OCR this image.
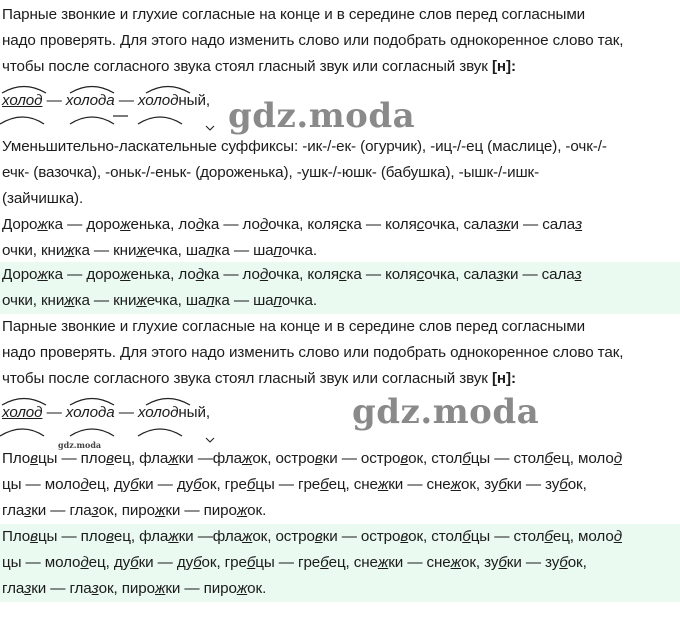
Парные звонкие и глухие согласные на конце и в середине слов перед согласными
надо проверять. Для этого надо изменить слово или подобрать однокоренное слово так,
чтобы после согласного звука стоял гласный звук или согласный звук [н]:
холод — холода — холодный, gdz.moda
Уменьшительно-ласкательные суффиксы: -ик-/-ек- (огурчик), -иц-/-ец (маслице), -очк-/-
ечк- (вазочка), -оньк-/-еньк- (дороженька), -ушк-/-юшк- (бабушка), -ышк-/-ишк-
(зайчишка).
Дорожка — дороженька, лодка — лодочка, коляска — колясочка, салазки — салаз
очки, книжка — книжечка, шапка — шапочка.
Дорожка — дороженька, лодка — лодочка, коляска — колясочка, салазки — салаз
очки, книжка — книжечка, шапка — шапочка.
Парные звонкие и глухие согласные на конце и в середине слов перед согласными
надо проверять. Для этого надо изменить слово или подобрать однокоренное слово так,
чтобы после согласного звука стоял гласный звук или согласный звук [н]:
холод — холода — холодный,	gdz.moda
gdz.moda
Пловцы — пловец, флажки —флажок, островки — островок, столбцы — столбец, молод
цы — молодец, дубки — дубок, гребцы — гребец, снежки — снежок, зубки — зубок,
глазки — глазок, пирожки — пирожок.
Пловцы — пловец, флажки —флажок, островки — островок, столбцы — столбец, молод
цы — молодец, дубки — дубок, гребцы — гребец, снежки — снежок, зубки — зубок,
глазки — глазок, пирожки — пирожок.
